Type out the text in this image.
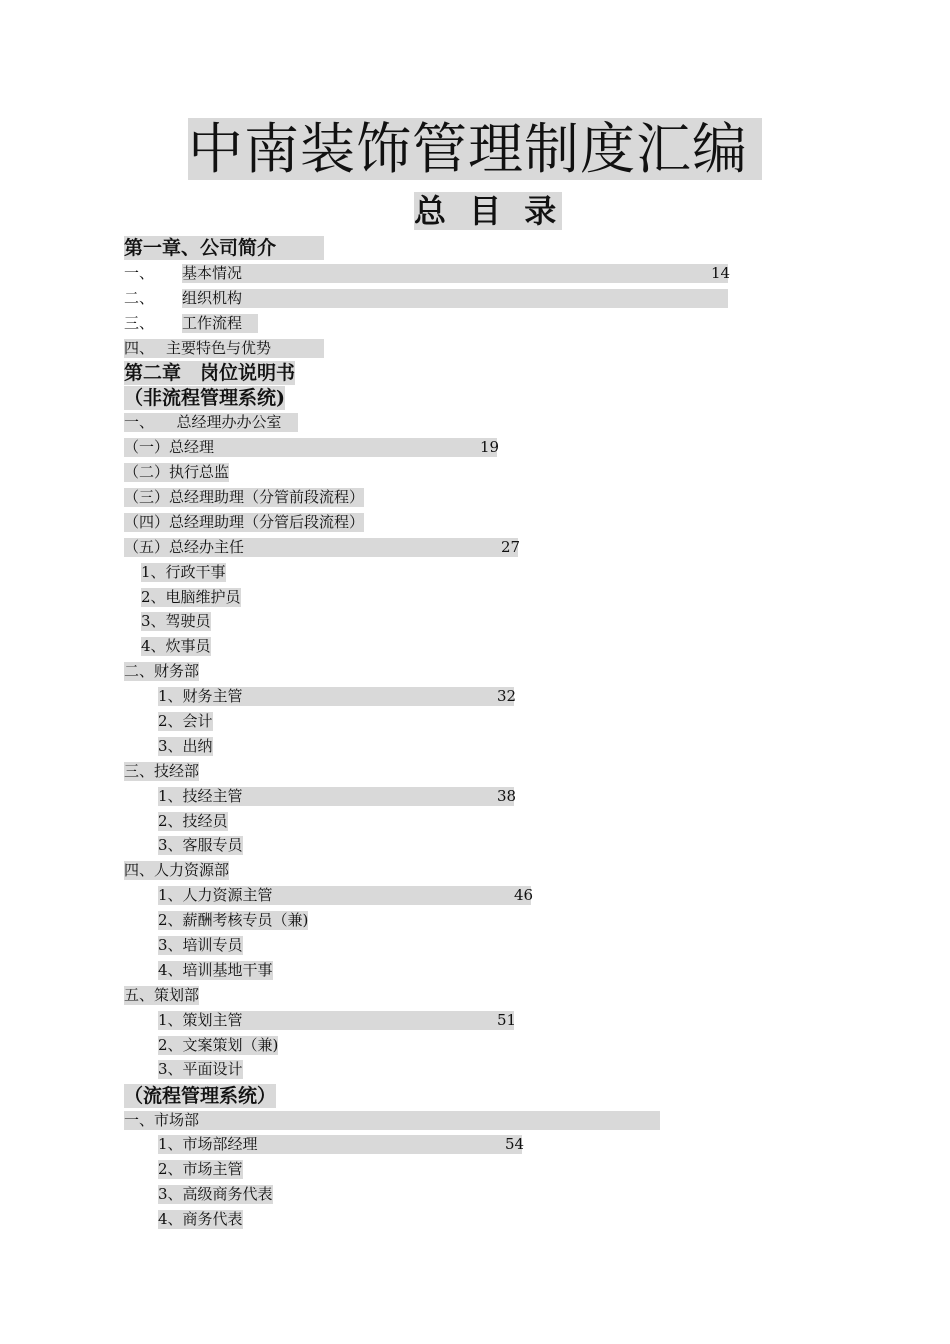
中南装饰管理制度汇编
总 目 录
第一章、公司简介
一、 基本情况	14
二、 组织机构
三、 工作流程
四、 主要特色与优势
第二章　岗位说明书
（非流程管理系统)
一、　　总经理办办公室
（一）总经理	19
（二）执行总监
（三）总经理助理（分管前段流程）
（四）总经理助理（分管后段流程）
（五）总经办主任	27
1、行政干事
2、电脑维护员
3、驾驶员
4、炊事员
二、财务部
1、财务主管	32
2、会计
3、出纳
三、技经部
1、技经主管	38
2、技经员
3、客服专员
四、人力资源部
1、人力资源主管	46
2、薪酬考核专员（兼)
3、培训专员
4、培训基地干事
五、策划部
1、策划主管	51
2、文案策划（兼)
3、平面设计
（流程管理系统）
一、市场部
1、市场部经理	54
2、市场主管
3、高级商务代表
4、商务代表
